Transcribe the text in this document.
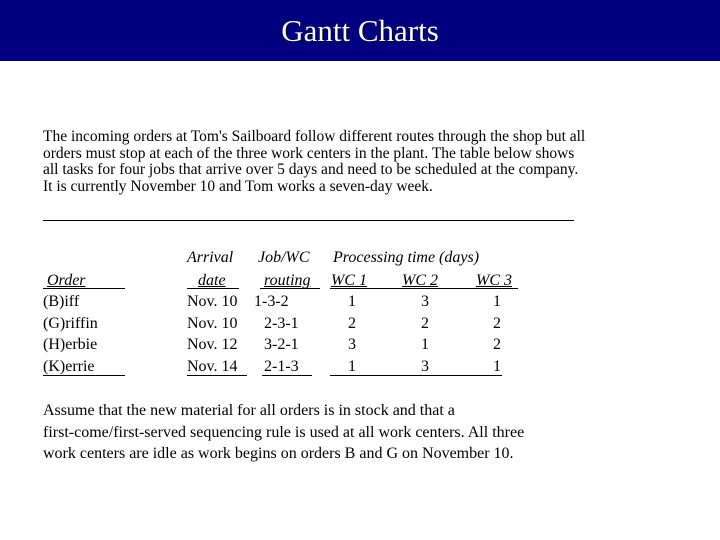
Gantt Charts
The incoming orders at Tom's Sailboard follow different routes through the shop but all
orders must stop at each of the three work centers in the plant. The table below shows
all tasks for four jobs that arrive over 5 days and need to be scheduled at the company.
It is currently November 10 and Tom works a seven-day week.
Arrival Job/WC Processing time (days)
Order	date routing WC 1 WC 2 WC 3
(B)iff	Nov. 10 1-3-2	1	3	1
(G)riffin	Nov. 10 2-3-1	2	2	2
(H)erbie	Nov. 12 3-2-1	3	1	2
(K)errie	Nov. 14 2-1-3	1	3	1
Assume that the new material for all orders is in stock and that a
first-come/first-served sequencing rule is used at all work centers. All three
work centers are idle as work begins on orders B and G on November 10.
